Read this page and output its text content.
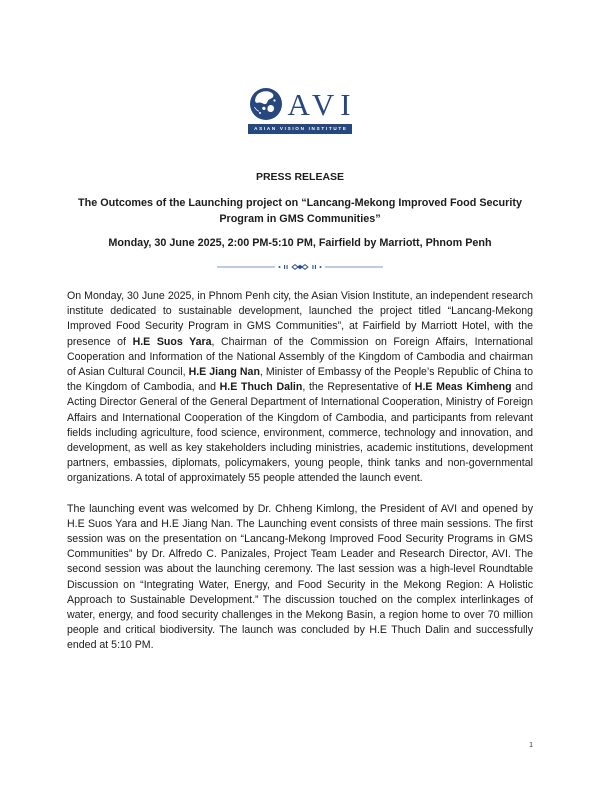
AVI
ASIAN VISION INSTITUTE
PRESS RELEASE
The Outcomes of the Launching project on “Lancang-Mekong Improved Food Security Program in GMS Communities”
Monday, 30 June 2025, 2:00 PM-5:10 PM, Fairfield by Marriott, Phnom Penh

On Monday, 30 June 2025, in Phnom Penh city, the Asian Vision Institute, an independent research institute dedicated to sustainable development, launched the project titled “Lancang-Mekong Improved Food Security Program in GMS Communities”, at Fairfield by Marriott Hotel, with the presence of H.E Suos Yara, Chairman of the Commission on Foreign Affairs, International Cooperation and Information of the National Assembly of the Kingdom of Cambodia and chairman of Asian Cultural Council, H.E Jiang Nan, Minister of Embassy of the People’s Republic of China to the Kingdom of Cambodia, and H.E Thuch Dalin, the Representative of H.E Meas Kimheng and Acting Director General of the General Department of International Cooperation, Ministry of Foreign Affairs and International Cooperation of the Kingdom of Cambodia, and participants from relevant fields including agriculture, food science, environment, commerce, technology and innovation, and development, as well as key stakeholders including ministries, academic institutions, development partners, embassies, diplomats, policymakers, young people, think tanks and non-governmental organizations. A total of approximately 55 people attended the launch event.

The launching event was welcomed by Dr. Chheng Kimlong, the President of AVI and opened by H.E Suos Yara and H.E Jiang Nan. The Launching event consists of three main sessions. The first session was on the presentation on “Lancang-Mekong Improved Food Security Programs in GMS Communities” by Dr. Alfredo C. Panizales, Project Team Leader and Research Director, AVI. The second session was about the launching ceremony. The last session was a high-level Roundtable Discussion on “Integrating Water, Energy, and Food Security in the Mekong Region: A Holistic Approach to Sustainable Development.” The discussion touched on the complex interlinkages of water, energy, and food security challenges in the Mekong Basin, a region home to over 70 million people and critical biodiversity. The launch was concluded by H.E Thuch Dalin and successfully ended at 5:10 PM.

1
